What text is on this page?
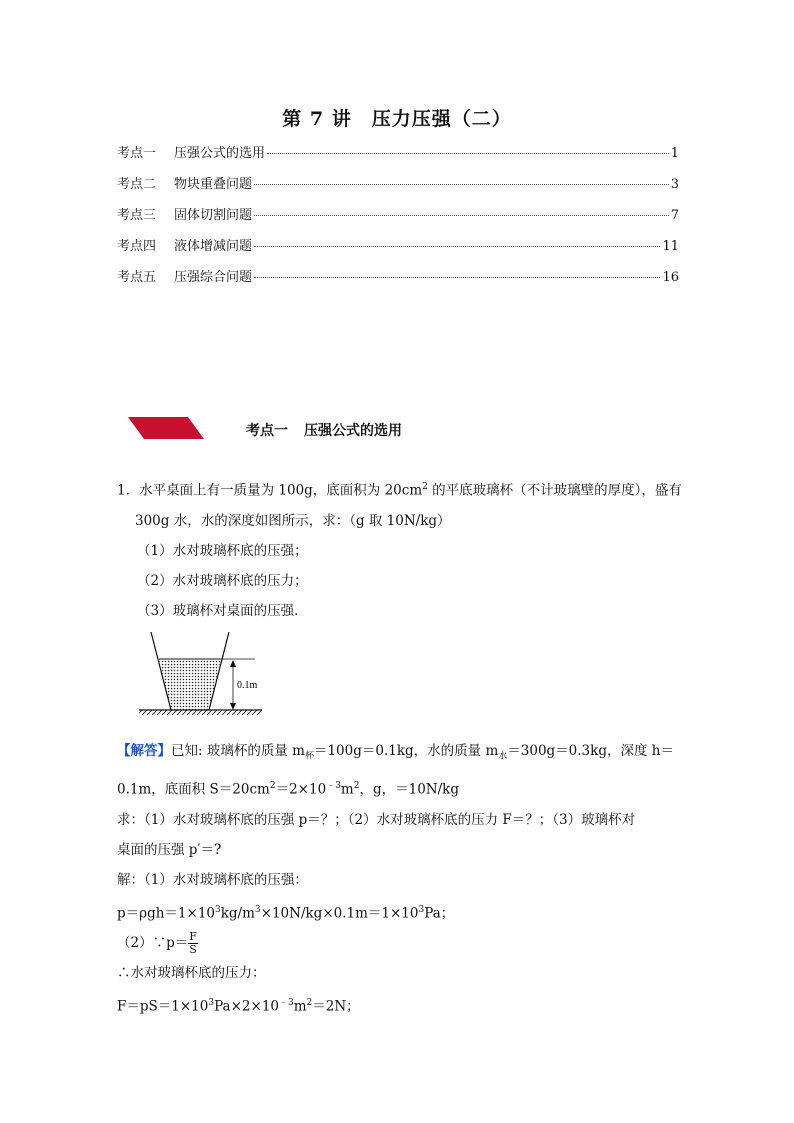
第 7 讲　压力压强（二）
考点一 压强公式的选用	1
考点二 物块重叠问题	3
考点三 固体切割问题	7
考点四 液体增减问题	11
考点五 压强综合问题	16
考点一 压强公式的选用
1．水平桌面上有一质量为 100g，底面积为 $20cm^2$ 的平底玻璃杯（不计玻璃壁的厚度），盛有
300g 水，水的深度如图所示，求：（g 取 10N/kg）
（1）水对玻璃杯底的压强；
（2）水对玻璃杯底的压力；
（3）玻璃杯对桌面的压强．
0.1m
【解答】已知: 玻璃杯的质量 $m_杯=100g=0.1kg$，水的质量 $m_水=300g=0.3kg$，深度 h＝
0.1m，底面积 $S=20cm^2=2\times 10^{﹣3}m^2$，g，＝10N/kg
求：（1）水对玻璃杯底的压强 p＝？；（2）水对玻璃杯底的压力 F＝？；（3）玻璃杯对
桌面的压强 p′＝?
解：（1）水对玻璃杯底的压强：
$p=\rho gh=1\times 10^3kg/m^3\times 10N/kg\times 0.1m=1\times 10^3Pa$；
（2）∵p＝ $\frac{F}{S}$
∴水对玻璃杯底的压力：
$F=pS=1\times 10^3Pa\times 2\times 10^{﹣3}m^2=2N$；
